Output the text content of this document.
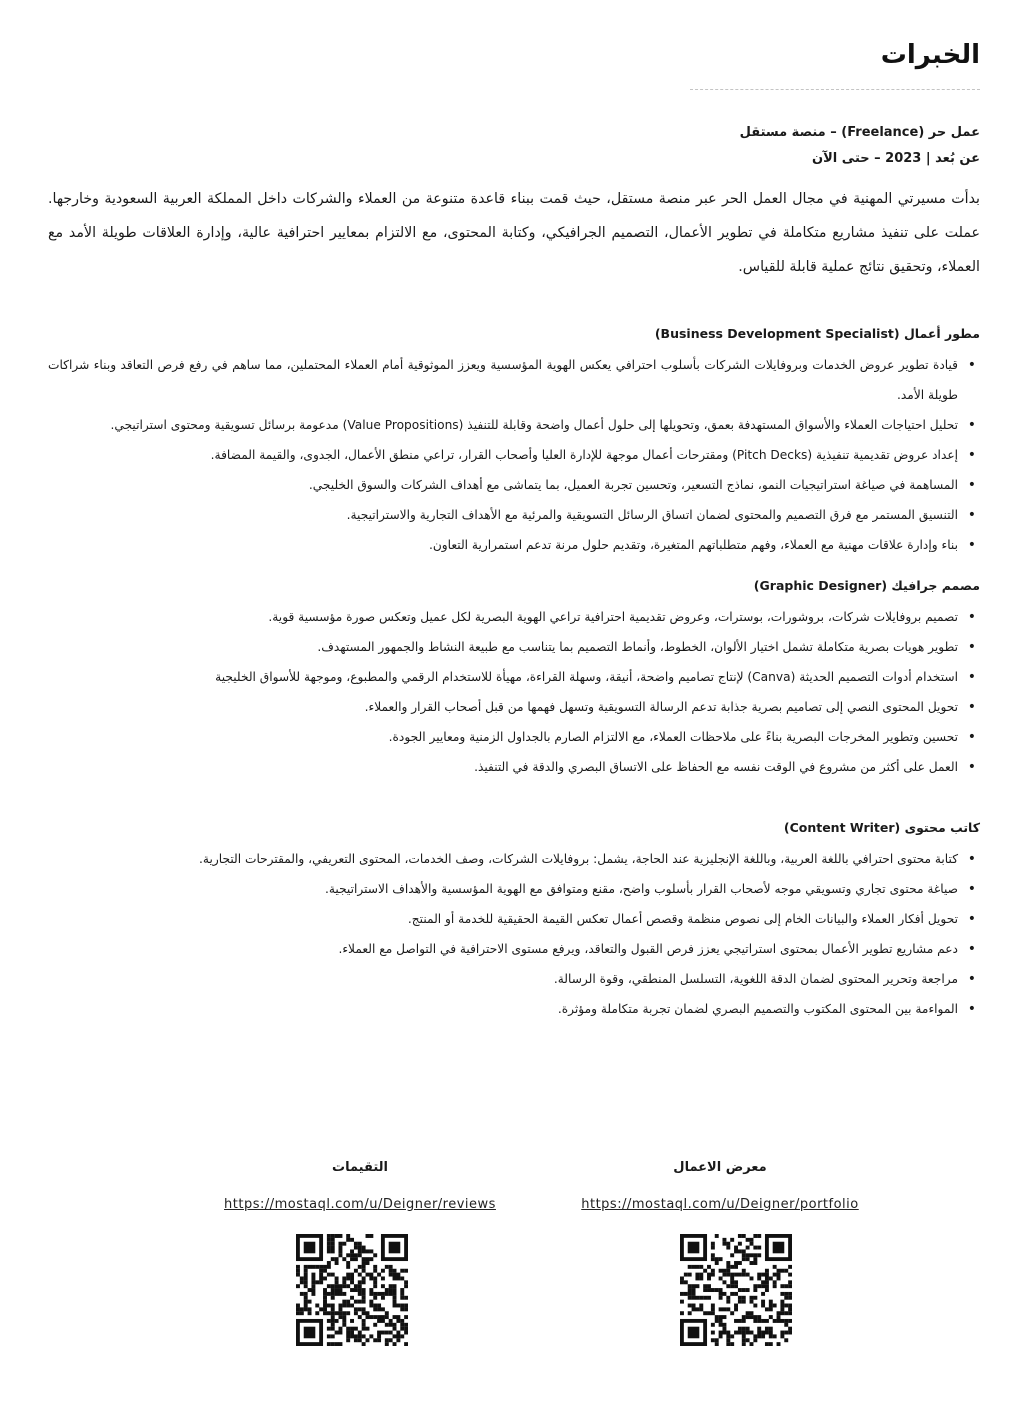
الخبرات

عمل حر (Freelance) – منصة مستقل

عن بُعد | 2023 – حتى الآن

بدأت مسيرتي المهنية في مجال العمل الحر عبر منصة مستقل، حيث قمت ببناء قاعدة متنوعة من العملاء والشركات داخل المملكة العربية السعودية وخارجها. عملت على تنفيذ مشاريع متكاملة في تطوير الأعمال، التصميم الجرافيكي، وكتابة المحتوى، مع الالتزام بمعايير احترافية عالية، وإدارة العلاقات طويلة الأمد مع العملاء، وتحقيق نتائج عملية قابلة للقياس.

مطور أعمال (Business Development Specialist)
• قيادة تطوير عروض الخدمات وبروفايلات الشركات بأسلوب احترافي يعكس الهوية المؤسسية ويعزز الموثوقية أمام العملاء المحتملين، مما ساهم في رفع فرص التعاقد وبناء شراكات طويلة الأمد.
• تحليل احتياجات العملاء والأسواق المستهدفة بعمق، وتحويلها إلى حلول أعمال واضحة وقابلة للتنفيذ (Value Propositions) مدعومة برسائل تسويقية ومحتوى استراتيجي.
• إعداد عروض تقديمية تنفيذية (Pitch Decks) ومقترحات أعمال موجهة للإدارة العليا وأصحاب القرار، تراعي منطق الأعمال، الجدوى، والقيمة المضافة.
• المساهمة في صياغة استراتيجيات النمو، نماذج التسعير، وتحسين تجربة العميل، بما يتماشى مع أهداف الشركات والسوق الخليجي.
• التنسيق المستمر مع فرق التصميم والمحتوى لضمان اتساق الرسائل التسويقية والمرئية مع الأهداف التجارية والاستراتيجية.
• بناء وإدارة علاقات مهنية مع العملاء، وفهم متطلباتهم المتغيرة، وتقديم حلول مرنة تدعم استمرارية التعاون.
مصمم جرافيك (Graphic Designer)
• تصميم بروفايلات شركات، بروشورات، بوسترات، وعروض تقديمية احترافية تراعي الهوية البصرية لكل عميل وتعكس صورة مؤسسية قوية.
• تطوير هويات بصرية متكاملة تشمل اختيار الألوان، الخطوط، وأنماط التصميم بما يتناسب مع طبيعة النشاط والجمهور المستهدف.
• استخدام أدوات التصميم الحديثة (Canva) لإنتاج تصاميم واضحة، أنيقة، وسهلة القراءة، مهيأة للاستخدام الرقمي والمطبوع، وموجهة للأسواق الخليجية
• تحويل المحتوى النصي إلى تصاميم بصرية جذابة تدعم الرسالة التسويقية وتسهل فهمها من قبل أصحاب القرار والعملاء.
• تحسين وتطوير المخرجات البصرية بناءً على ملاحظات العملاء، مع الالتزام الصارم بالجداول الزمنية ومعايير الجودة.
• العمل على أكثر من مشروع في الوقت نفسه مع الحفاظ على الاتساق البصري والدقة في التنفيذ.
كاتب محتوى (Content Writer)
• كتابة محتوى احترافي باللغة العربية، وباللغة الإنجليزية عند الحاجة، يشمل: بروفايلات الشركات، وصف الخدمات، المحتوى التعريفي، والمقترحات التجارية.
• صياغة محتوى تجاري وتسويقي موجه لأصحاب القرار بأسلوب واضح، مقنع ومتوافق مع الهوية المؤسسية والأهداف الاستراتيجية.
• تحويل أفكار العملاء والبيانات الخام إلى نصوص منظمة وقصص أعمال تعكس القيمة الحقيقية للخدمة أو المنتج.
• دعم مشاريع تطوير الأعمال بمحتوى استراتيجي يعزز فرص القبول والتعاقد، ويرفع مستوى الاحترافية في التواصل مع العملاء.
• مراجعة وتحرير المحتوى لضمان الدقة اللغوية، التسلسل المنطقي، وقوة الرسالة.
• المواءمة بين المحتوى المكتوب والتصميم البصري لضمان تجربة متكاملة ومؤثرة.

معرض الاعمال

https://mostaql.com/u/Deigner/portfolio

التقيمات

https://mostaql.com/u/Deigner/reviews
